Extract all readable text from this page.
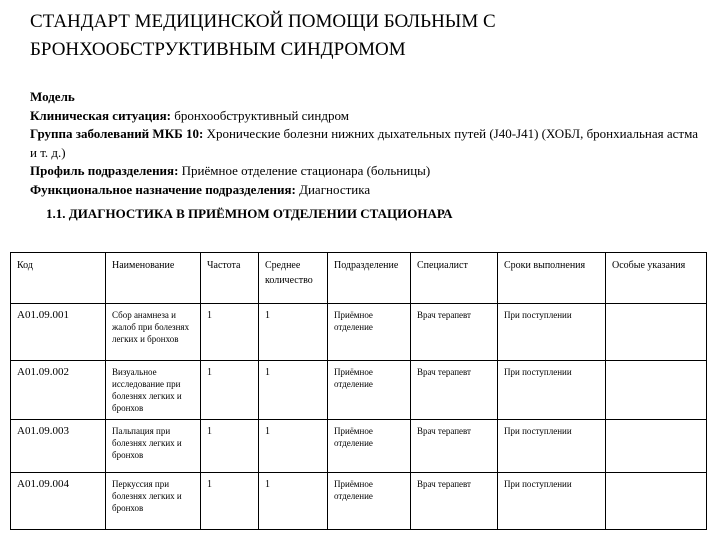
СТАНДАРТ МЕДИЦИНСКОЙ ПОМОЩИ БОЛЬНЫМ С БРОНХООБСТРУКТИВНЫМ СИНДРОМОМ
Модель
Клиническая ситуация: бронхообструктивный синдром
Группа заболеваний МКБ 10: Хронические болезни нижних дыхательных путей (J40-J41) (ХОБЛ, бронхиальная астма и т. д.)
Профиль подразделения: Приёмное отделение стационара (больницы)
Функциональное назначение подразделения: Диагностика
1.1. ДИАГНОСТИКА В ПРИЁМНОМ ОТДЕЛЕНИИ СТАЦИОНАРА
Код	Наименование	Частота	Среднее количество	Подразделение	Специалист	Сроки выполнения	Особые указания
A01.09.001	Сбор анамнеза и жалоб при болезнях легких и бронхов	1	1	Приёмное отделение	Врач терапевт	При поступлении	
A01.09.002	Визуальное исследование при болезнях легких и бронхов	1	1	Приёмное отделение	Врач терапевт	При поступлении	
A01.09.003	Пальпация при болезнях легких и бронхов	1	1	Приёмное отделение	Врач терапевт	При поступлении	
A01.09.004	Перкуссия при болезнях легких и бронхов	1	1	Приёмное отделение	Врач терапевт	При поступлении	
